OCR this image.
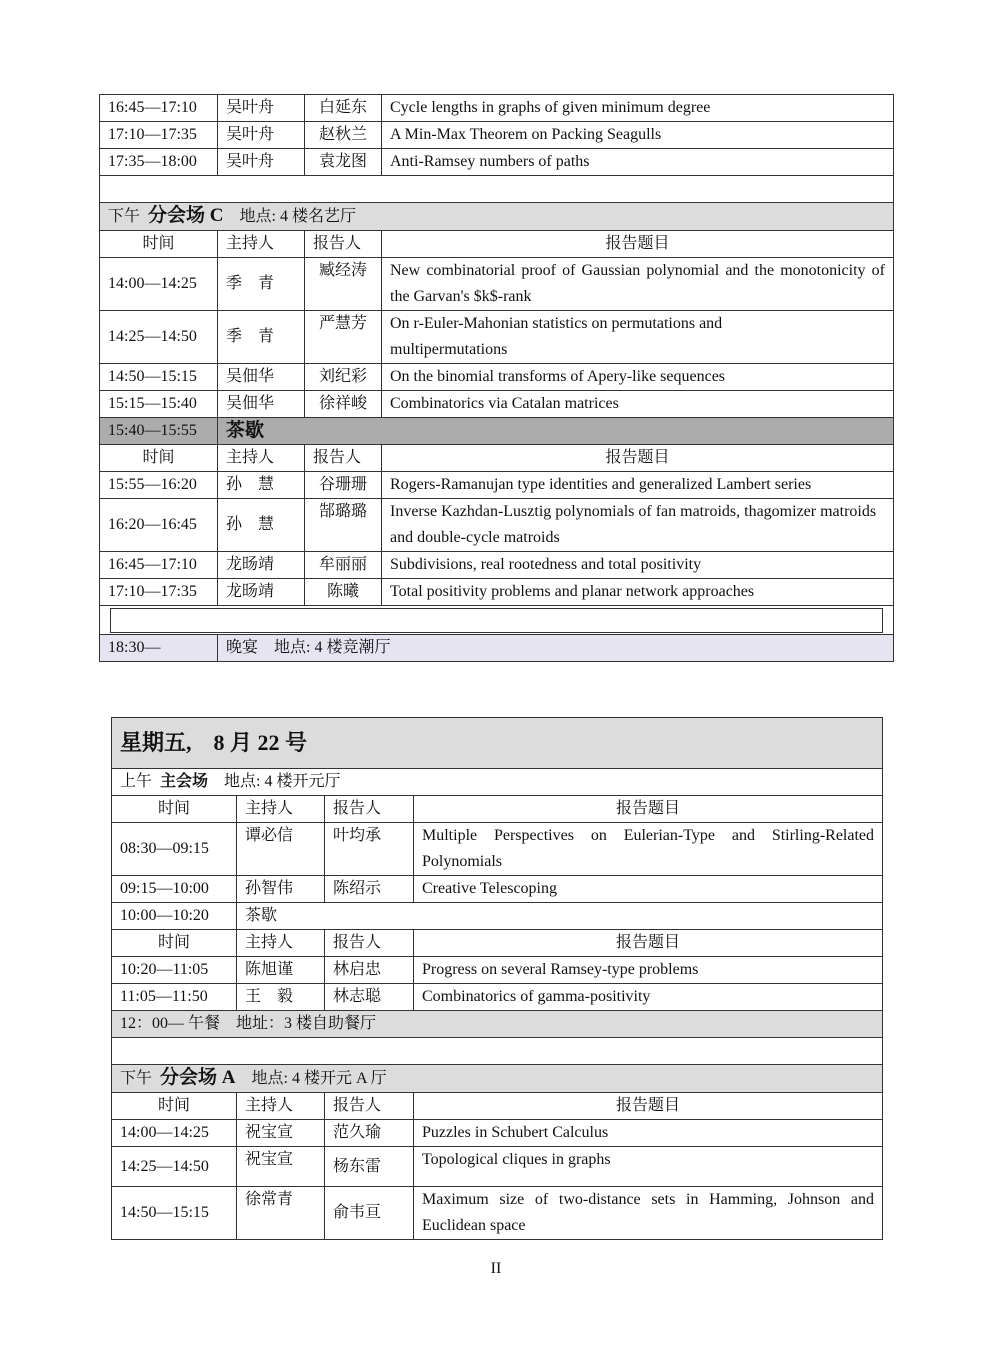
16:45—17:10	吴叶舟	白延东	Cycle lengths in graphs of given minimum degree
17:10—17:35	吴叶舟	赵秋兰	A Min-Max Theorem on Packing Seagulls
17:35—18:00	吴叶舟	袁龙图	Anti-Ramsey numbers of paths

下午 分会场 C 地点: 4 楼名艺厅			
时间	主持人	报告人	报告题目
14:00—14:25	季　青	臧经涛	New combinatorial proof of Gaussian polynomial and the monotonicity of the Garvan's $k$-rank
14:25—14:50	季　青	严慧芳	On r-Euler-Mahonian statistics on permutations and multipermutations
14:50—15:15	吴佃华	刘纪彩	On the binomial transforms of Apery-like sequences
15:15—15:40	吴佃华	徐祥峻	Combinatorics via Catalan matrices
15:40—15:55	茶歇		
时间	主持人	报告人	报告题目
15:55—16:20	孙　慧	谷珊珊	Rogers-Ramanujan type identities and generalized Lambert series
16:20—16:45	孙　慧	郜璐璐	Inverse Kazhdan-Lusztig polynomials of fan matroids, thagomizer matroids and double-cycle matroids
16:45—17:10	龙旸靖	牟丽丽	Subdivisions, real rootedness and total positivity
17:10—17:35	龙旸靖	陈曦	Total positivity problems and planar network approaches

18:30—	晚宴　地点: 4 楼竞潮厅		
星期五,　8 月 22 号			
上午 主会场 地点: 4 楼开元厅			
时间	主持人	报告人	报告题目
08:30—09:15	谭必信	叶均承	Multiple Perspectives on Eulerian-Type and Stirling-Related Polynomials
09:15—10:00	孙智伟	陈绍示	Creative Telescoping
10:00—10:20	茶歇		
时间	主持人	报告人	报告题目
10:20—11:05	陈旭谨	林启忠	Progress on several Ramsey-type problems
11:05—11:50	王　毅	林志聪	Combinatorics of gamma-positivity
12：00— 午餐　地址：3 楼自助餐厅			

下午 分会场 A 地点: 4 楼开元 A 厅			
时间	主持人	报告人	报告题目
14:00—14:25	祝宝宣	范久瑜	Puzzles in Schubert Calculus
14:25—14:50	祝宝宣	杨东雷	Topological cliques in graphs
14:50—15:15	徐常青	俞韦亘	Maximum size of two-distance sets in Hamming, Johnson and Euclidean space
II
